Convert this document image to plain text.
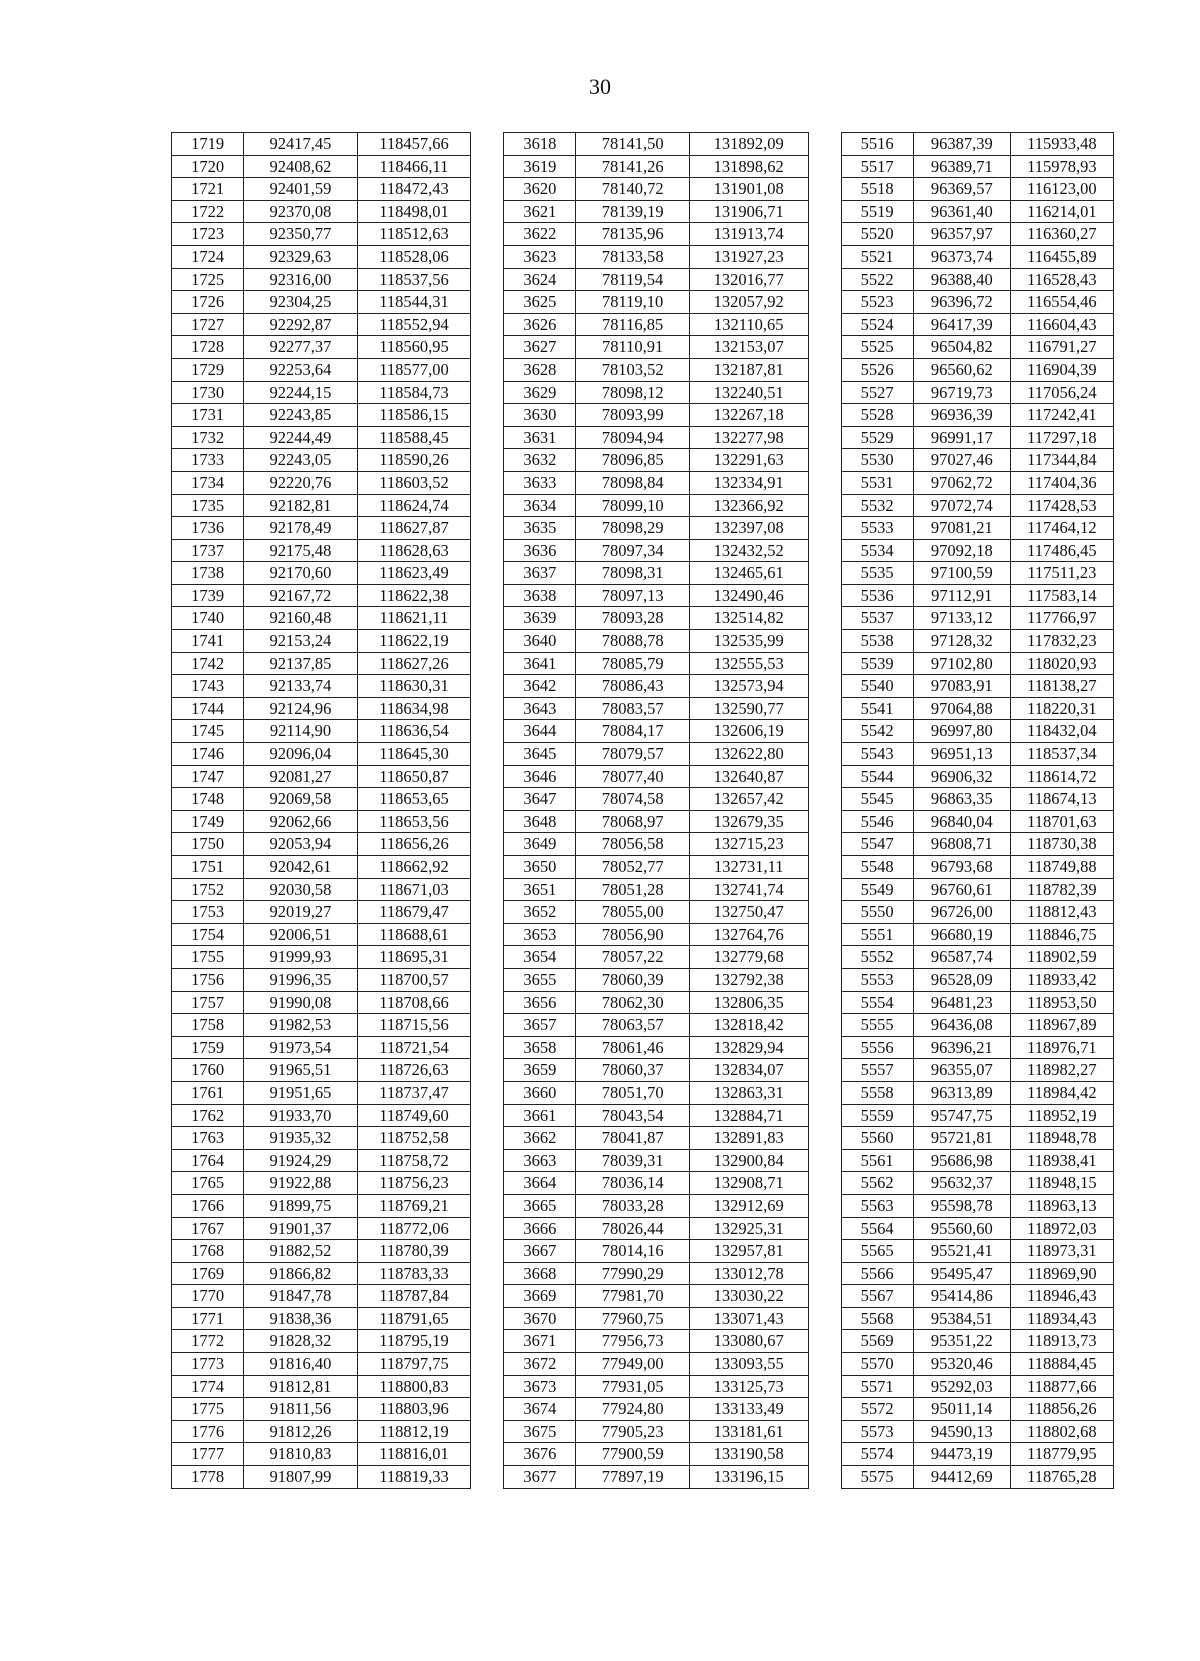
30
1719	92417,45	118457,66		3618	78141,50	131892,09		5516	96387,39	115933,48
1720	92408,62	118466,11		3619	78141,26	131898,62		5517	96389,71	115978,93
1721	92401,59	118472,43		3620	78140,72	131901,08		5518	96369,57	116123,00
1722	92370,08	118498,01		3621	78139,19	131906,71		5519	96361,40	116214,01
1723	92350,77	118512,63		3622	78135,96	131913,74		5520	96357,97	116360,27
1724	92329,63	118528,06		3623	78133,58	131927,23		5521	96373,74	116455,89
1725	92316,00	118537,56		3624	78119,54	132016,77		5522	96388,40	116528,43
1726	92304,25	118544,31		3625	78119,10	132057,92		5523	96396,72	116554,46
1727	92292,87	118552,94		3626	78116,85	132110,65		5524	96417,39	116604,43
1728	92277,37	118560,95		3627	78110,91	132153,07		5525	96504,82	116791,27
1729	92253,64	118577,00		3628	78103,52	132187,81		5526	96560,62	116904,39
1730	92244,15	118584,73		3629	78098,12	132240,51		5527	96719,73	117056,24
1731	92243,85	118586,15		3630	78093,99	132267,18		5528	96936,39	117242,41
1732	92244,49	118588,45		3631	78094,94	132277,98		5529	96991,17	117297,18
1733	92243,05	118590,26		3632	78096,85	132291,63		5530	97027,46	117344,84
1734	92220,76	118603,52		3633	78098,84	132334,91		5531	97062,72	117404,36
1735	92182,81	118624,74		3634	78099,10	132366,92		5532	97072,74	117428,53
1736	92178,49	118627,87		3635	78098,29	132397,08		5533	97081,21	117464,12
1737	92175,48	118628,63		3636	78097,34	132432,52		5534	97092,18	117486,45
1738	92170,60	118623,49		3637	78098,31	132465,61		5535	97100,59	117511,23
1739	92167,72	118622,38		3638	78097,13	132490,46		5536	97112,91	117583,14
1740	92160,48	118621,11		3639	78093,28	132514,82		5537	97133,12	117766,97
1741	92153,24	118622,19		3640	78088,78	132535,99		5538	97128,32	117832,23
1742	92137,85	118627,26		3641	78085,79	132555,53		5539	97102,80	118020,93
1743	92133,74	118630,31		3642	78086,43	132573,94		5540	97083,91	118138,27
1744	92124,96	118634,98		3643	78083,57	132590,77		5541	97064,88	118220,31
1745	92114,90	118636,54		3644	78084,17	132606,19		5542	96997,80	118432,04
1746	92096,04	118645,30		3645	78079,57	132622,80		5543	96951,13	118537,34
1747	92081,27	118650,87		3646	78077,40	132640,87		5544	96906,32	118614,72
1748	92069,58	118653,65		3647	78074,58	132657,42		5545	96863,35	118674,13
1749	92062,66	118653,56		3648	78068,97	132679,35		5546	96840,04	118701,63
1750	92053,94	118656,26		3649	78056,58	132715,23		5547	96808,71	118730,38
1751	92042,61	118662,92		3650	78052,77	132731,11		5548	96793,68	118749,88
1752	92030,58	118671,03		3651	78051,28	132741,74		5549	96760,61	118782,39
1753	92019,27	118679,47		3652	78055,00	132750,47		5550	96726,00	118812,43
1754	92006,51	118688,61		3653	78056,90	132764,76		5551	96680,19	118846,75
1755	91999,93	118695,31		3654	78057,22	132779,68		5552	96587,74	118902,59
1756	91996,35	118700,57		3655	78060,39	132792,38		5553	96528,09	118933,42
1757	91990,08	118708,66		3656	78062,30	132806,35		5554	96481,23	118953,50
1758	91982,53	118715,56		3657	78063,57	132818,42		5555	96436,08	118967,89
1759	91973,54	118721,54		3658	78061,46	132829,94		5556	96396,21	118976,71
1760	91965,51	118726,63		3659	78060,37	132834,07		5557	96355,07	118982,27
1761	91951,65	118737,47		3660	78051,70	132863,31		5558	96313,89	118984,42
1762	91933,70	118749,60		3661	78043,54	132884,71		5559	95747,75	118952,19
1763	91935,32	118752,58		3662	78041,87	132891,83		5560	95721,81	118948,78
1764	91924,29	118758,72		3663	78039,31	132900,84		5561	95686,98	118938,41
1765	91922,88	118756,23		3664	78036,14	132908,71		5562	95632,37	118948,15
1766	91899,75	118769,21		3665	78033,28	132912,69		5563	95598,78	118963,13
1767	91901,37	118772,06		3666	78026,44	132925,31		5564	95560,60	118972,03
1768	91882,52	118780,39		3667	78014,16	132957,81		5565	95521,41	118973,31
1769	91866,82	118783,33		3668	77990,29	133012,78		5566	95495,47	118969,90
1770	91847,78	118787,84		3669	77981,70	133030,22		5567	95414,86	118946,43
1771	91838,36	118791,65		3670	77960,75	133071,43		5568	95384,51	118934,43
1772	91828,32	118795,19		3671	77956,73	133080,67		5569	95351,22	118913,73
1773	91816,40	118797,75		3672	77949,00	133093,55		5570	95320,46	118884,45
1774	91812,81	118800,83		3673	77931,05	133125,73		5571	95292,03	118877,66
1775	91811,56	118803,96		3674	77924,80	133133,49		5572	95011,14	118856,26
1776	91812,26	118812,19		3675	77905,23	133181,61		5573	94590,13	118802,68
1777	91810,83	118816,01		3676	77900,59	133190,58		5574	94473,19	118779,95
1778	91807,99	118819,33		3677	77897,19	133196,15		5575	94412,69	118765,28
